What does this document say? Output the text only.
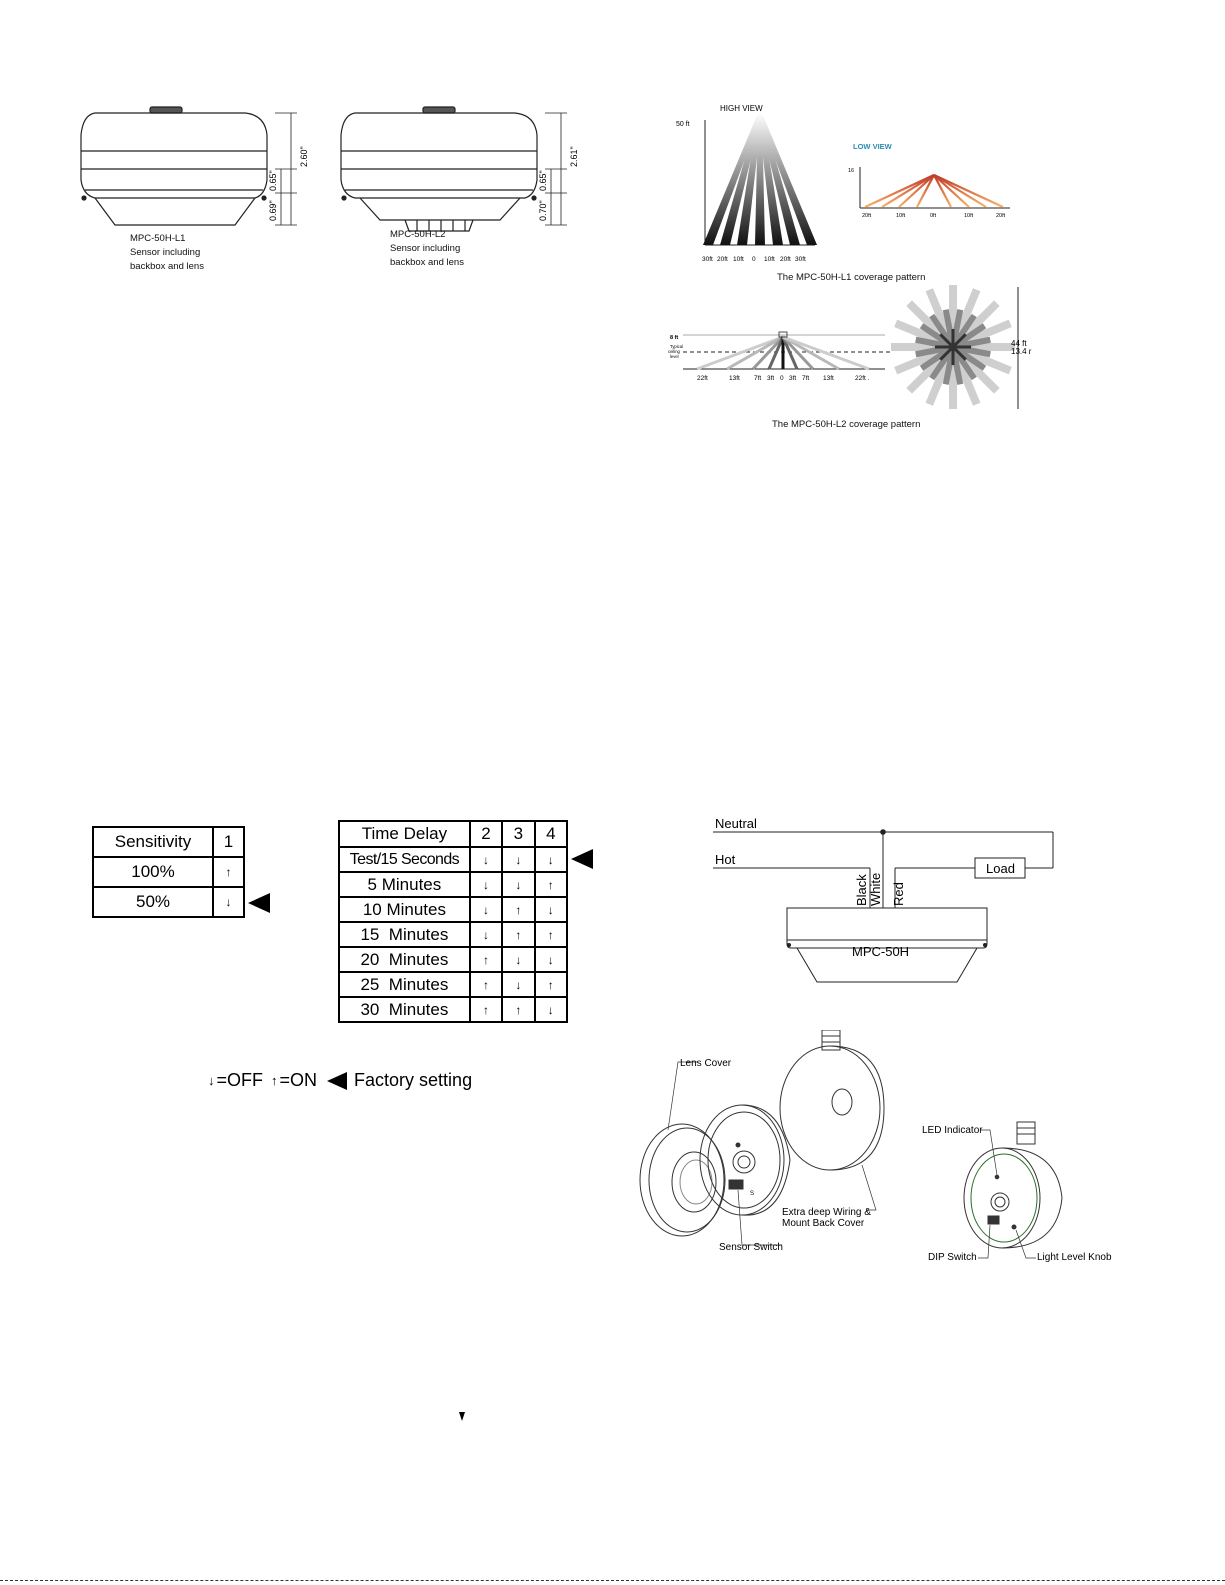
2.60"
0.65"
0.69"
2.61"
0.65"
0.70"
MPC-50H-L1
Sensor including
backbox and lens
MPC-50H-L2
Sensor including
backbox and lens
50 ft
HIGH VIEW
30ft 20ft 10ft 0 10ft 20ft 30ft
LOW VIEW
16
20ft	10ft	0ft	10ft	20ft
The MPC-50H-L1 coverage pattern
8 ft
Typical
ceiling
level
22ft	13ft 7ft 3ft 0 3ft 7ft 13ft	22ft .
44 ft
13.4 r
The MPC-50H-L2 coverage pattern
Sensitivity	1
100%	↑
50%	↓
Time Delay	2	3	4
Test/15 Seconds	↓	↓	↓
5 Minutes	↓	↓	↑
10 Minutes	↓	↑	↓
15  Minutes	↓	↑	↑
20  Minutes	↑	↓	↓
25  Minutes	↑	↓	↑
30  Minutes	↑	↑	↓
↓ =OFF ↑ =ON Factory setting
Neutral
Hot
Black White Red
Load
MPC-50H
Lens Cover
Sensor Switch
Extra deep Wiring &
Mount Back Cover
LED Indicator
DIP Switch	Light Level Knob
S
